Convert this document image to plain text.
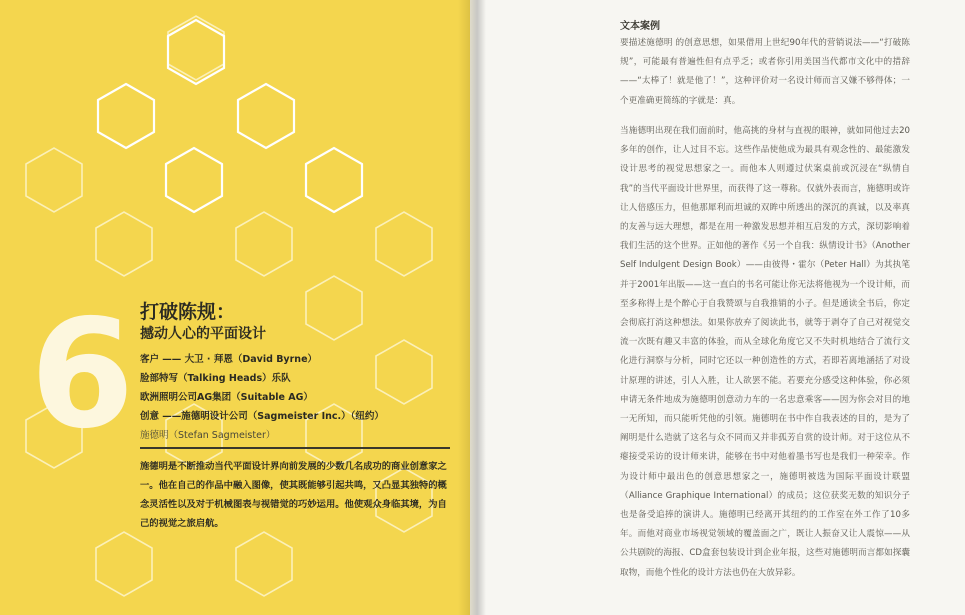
6 打破陈规：
撼动人心的平面设计
客户 —— 大卫 · 拜恩（David Byrne）
脸部特写（Talking Heads）乐队
欧洲照明公司AG集团（Suitable AG）
创意 ——施德明设计公司（Sagmeister Inc.）（纽约）
施德明（Stefan Sagmeister）
施德明是不断推动当代平面设计界向前发展的少数几名成功的商业创意家之一。他在自己的作品中融入图像，使其既能够引起共鸣，又凸显其独特的概念灵活性以及对于机械图表与视错觉的巧妙运用。他使观众身临其境，为自己的视觉之旅启航。
文本案例
要描述施德明 的创意思想，如果借用上世纪90年代的营销说法——“打破陈规”，可能最有普遍性但有点乎乏；或者你引用美国当代都市文化中的措辞——“太棒了！就是他了！”，这种评价对一名设计师而言又嫌不够得体；一个更准确更简练的字就是：真。
当施德明出现在我们面前时，他高挑的身材与直视的眼神，就如同他过去20多年的创作，让人过目不忘。这些作品使他成为最具有观念性的、最能激发设计思考的视觉思想家之一。而他本人则遵过伏案桌前或沉浸在“纵情自我”的当代平面设计世界里，而获得了这一尊称。仅就外表而言，施德明或许让人倍感压力，但他那犀利而坦诚的双眸中所透出的深沉的真诚，以及率真的友善与远大理想，都是在用一种激发思想并相互启发的方式，深切影响着我们生活的这个世界。正如他的著作《另一个自我：纵情设计书》（Another Self Indulgent Design Book）——由彼得・霍尔（Peter Hall）为其执笔并于2001年出版——这一直白的书名可能让你无法将他视为一个设计师，而至多称得上是个醉心于自我赞颂与自我推销的小子。但是通读全书后，你定会彻底打消这种想法。如果你放弃了阅读此书，就等于剥夺了自己对视觉交流一次既有趣又丰富的体验，而从全球化角度它又不失时机地结合了流行文化进行洞察与分析，同时它还以一种创造性的方式，若即若离地涵括了对设计原理的讲述，引人入胜，让人欲罢不能。若要充分感受这种体验，你必须申请无条件地成为施德明创意动力车的一名忠意乘客——因为你会对目的地一无所知，而只能听凭他的引领。施德明在书中作自我表述的目的，是为了阐明是什么造就了这名与众不同而又并非孤芳自赏的设计师。对于这位从不瘪接受采访的设计师来讲，能够在书中对他着墨书写也是我们一种荣幸。作为设计师中最出色的创意思想家之一，施德明被选为国际平面设计联盟（Alliance Graphique International）的成员；这位获奖无数的知识分子也是备受追捧的演讲人。施德明已经离开其纽约的工作室在外工作了10多年。而他对商业市场视觉领域的覆盖面之广，既让人振奋又让人震惊——从公共剧院的海报、CD盒套包装设计到企业年报，这些对施德明而言都如探囊取物，而他个性化的设计方法也仍在大放异彩。
